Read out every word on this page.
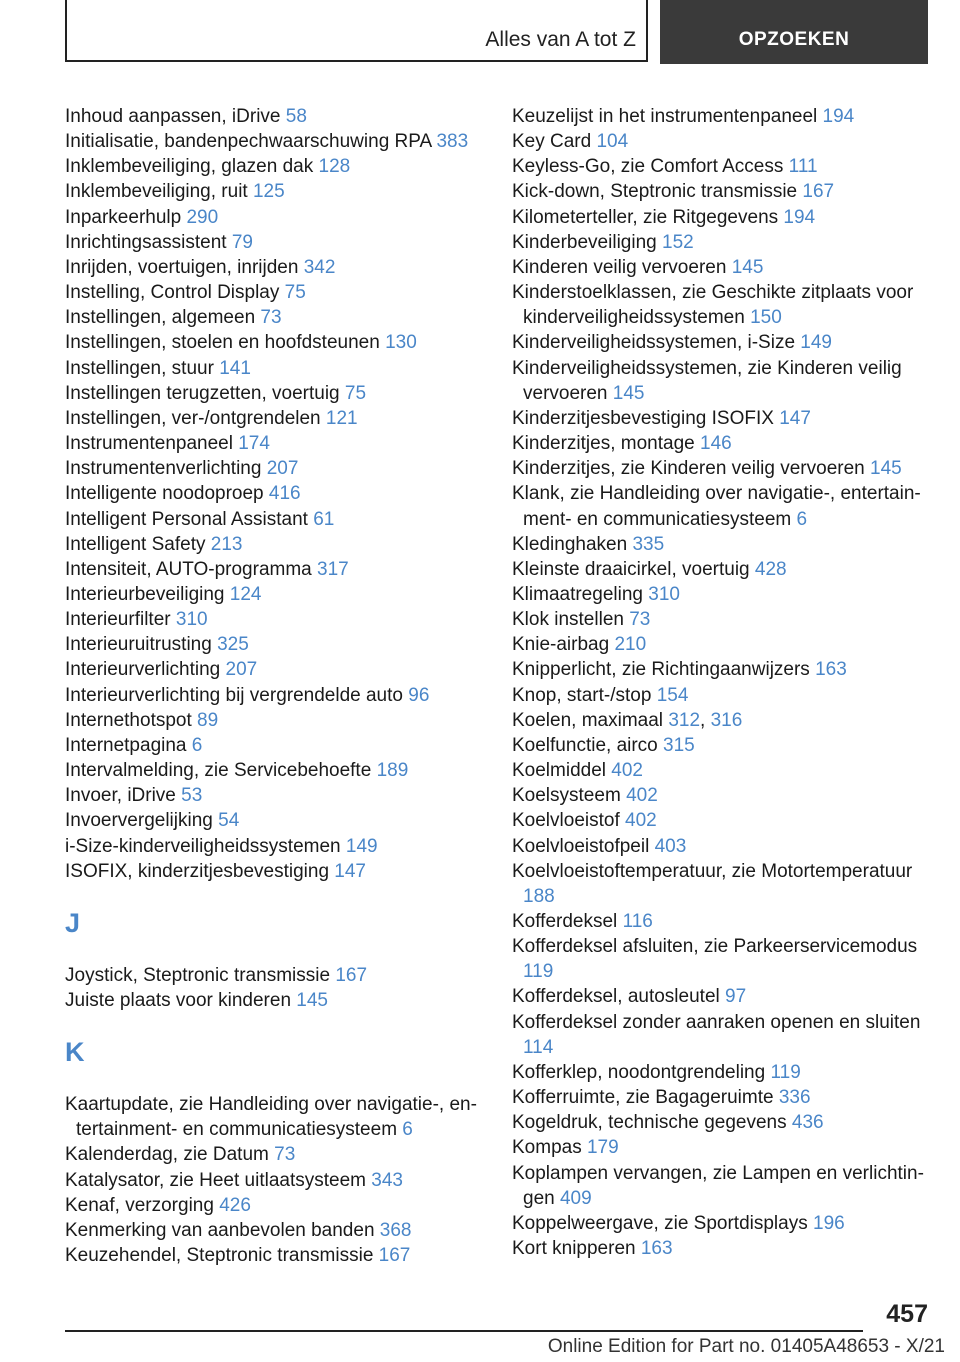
Alles van A tot Z	OPZOEKEN
Inhoud aanpassen, iDrive 58
Initialisatie, bandenpechwaarschuwing RPA 383
Inklembeveiliging, glazen dak 128
Inklembeveiliging, ruit 125
Inparkeerhulp 290
Inrichtingsassistent 79
Inrijden, voertuigen, inrijden 342
Instelling, Control Display 75
Instellingen, algemeen 73
Instellingen, stoelen en hoofdsteunen 130
Instellingen, stuur 141
Instellingen terugzetten, voertuig 75
Instellingen, ver-/ontgrendelen 121
Instrumentenpaneel 174
Instrumentenverlichting 207
Intelligente noodoproep 416
Intelligent Personal Assistant 61
Intelligent Safety 213
Intensiteit, AUTO-programma 317
Interieurbeveiliging 124
Interieurfilter 310
Interieuruitrusting 325
Interieurverlichting 207
Interieurverlichting bij vergrendelde auto 96
Internethotspot 89
Internetpagina 6
Intervalmelding, zie Servicebehoefte 189
Invoer, iDrive 53
Invoervergelijking 54
i-Size-kinderveiligheidssystemen 149
ISOFIX, kinderzitjesbevestiging 147
J
Joystick, Steptronic transmissie 167
Juiste plaats voor kinderen 145
K
Kaartupdate, zie Handleiding over navigatie-, entertainment- en communicatiesysteem 6
Kalenderdag, zie Datum 73
Katalysator, zie Heet uitlaatsysteem 343
Kenaf, verzorging 426
Kenmerking van aanbevolen banden 368
Keuzehendel, Steptronic transmissie 167
Keuzelijst in het instrumentenpaneel 194
Key Card 104
Keyless-Go, zie Comfort Access 111
Kick-down, Steptronic transmissie 167
Kilometerteller, zie Ritgegevens 194
Kinderbeveiliging 152
Kinderen veilig vervoeren 145
Kinderstoelklassen, zie Geschikte zitplaats voor kinderveiligheidssystemen 150
Kinderveiligheidssystemen, i-Size 149
Kinderveiligheidssystemen, zie Kinderen veilig vervoeren 145
Kinderzitjesbevestiging ISOFIX 147
Kinderzitjes, montage 146
Kinderzitjes, zie Kinderen veilig vervoeren 145
Klank, zie Handleiding over navigatie-, entertainment- en communicatiesysteem 6
Kledinghaken 335
Kleinste draaicirkel, voertuig 428
Klimaatregeling 310
Klok instellen 73
Knie-airbag 210
Knipperlicht, zie Richtingaanwijzers 163
Knop, start-/stop 154
Koelen, maximaal 312, 316
Koelfunctie, airco 315
Koelmiddel 402
Koelsysteem 402
Koelvloeistof 402
Koelvloeistofpeil 403
Koelvloeistoftemperatuur, zie Motortemperatuur 188
Kofferdeksel 116
Kofferdeksel afsluiten, zie Parkeerservicemodus 119
Kofferdeksel, autosleutel 97
Kofferdeksel zonder aanraken openen en sluiten 114
Kofferklep, noodontgrendeling 119
Kofferruimte, zie Bagageruimte 336
Kogeldruk, technische gegevens 436
Kompas 179
Koplampen vervangen, zie Lampen en verlichtingen 409
Koppelweergave, zie Sportdisplays 196
Kort knipperen 163
457
Online Edition for Part no. 01405A48653 - X/21
